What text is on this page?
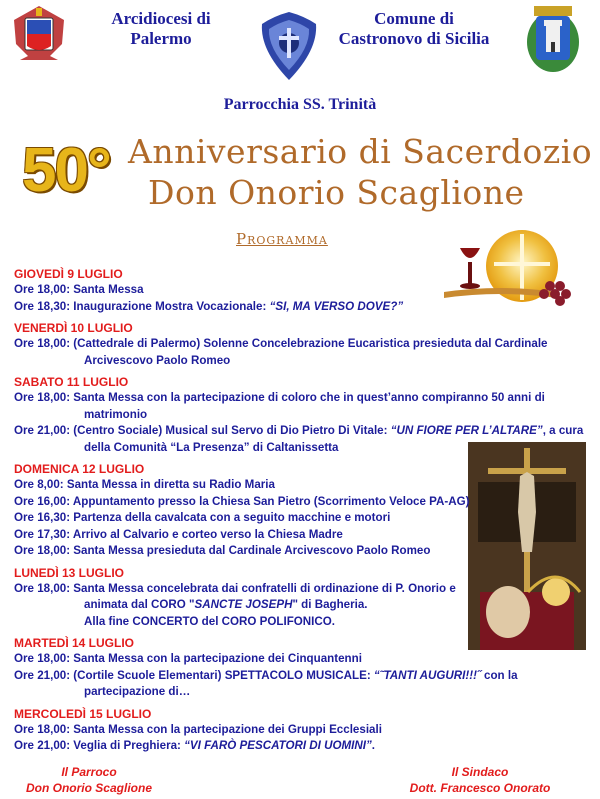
Arcidiocesi di
Palermo
Comune di
Castronovo di Sicilia
Parrocchia SS. Trinità
50° Anniversario di Sacerdozio
Don Onorio Scaglione
Programma
GIOVEDÌ 9 LUGLIO
Ore 18,00: Santa Messa
Ore 18,30: Inaugurazione Mostra Vocazionale: “SI, MA VERSO DOVE?”
VENERDÌ 10 LUGLIO
Ore 18,00: (Cattedrale di Palermo) Solenne Concelebrazione Eucaristica presieduta dal Cardinale
Arcivescovo Paolo Romeo
SABATO 11 LUGLIO
Ore 18,00: Santa Messa con la partecipazione di coloro che in quest’anno compiranno 50 anni di
matrimonio
Ore 21,00: (Centro Sociale) Musical sul Servo di Dio Pietro Di Vitale: “UN FIORE PER L’ALTARE”, a cura
della Comunità “La Presenza” di Caltanissetta
DOMENICA 12 LUGLIO
Ore 8,00: Santa Messa in diretta su Radio Maria
Ore 16,00: Appuntamento presso la Chiesa San Pietro (Scorrimento Veloce PA-AG)
Ore 16,30: Partenza della cavalcata con a seguito macchine e motori
Ore 17,30: Arrivo al Calvario e corteo verso la Chiesa Madre
Ore 18,00: Santa Messa presieduta dal Cardinale Arcivescovo Paolo Romeo
LUNEDÌ 13 LUGLIO
Ore 18,00: Santa Messa concelebrata dai confratelli di ordinazione di P. Onorio e
animata dal CORO "SANCTE JOSEPH" di Bagheria.
Alla fine CONCERTO del CORO POLIFONICO.
MARTEDÌ 14 LUGLIO
Ore 18,00: Santa Messa con la partecipazione dei Cinquantenni
Ore 21,00: (Cortile Scuole Elementari) SPETTACOLO MUSICALE: “˜TANTI AUGURI!!!˝ con la
partecipazione di…
MERCOLEDÌ 15 LUGLIO
Ore 18,00: Santa Messa con la partecipazione dei Gruppi Ecclesiali
Ore 21,00: Veglia di Preghiera: “VI FARÒ PESCATORI DI UOMINI”.
Il Parroco
Don Onorio Scaglione
Il Sindaco
Dott. Francesco Onorato
